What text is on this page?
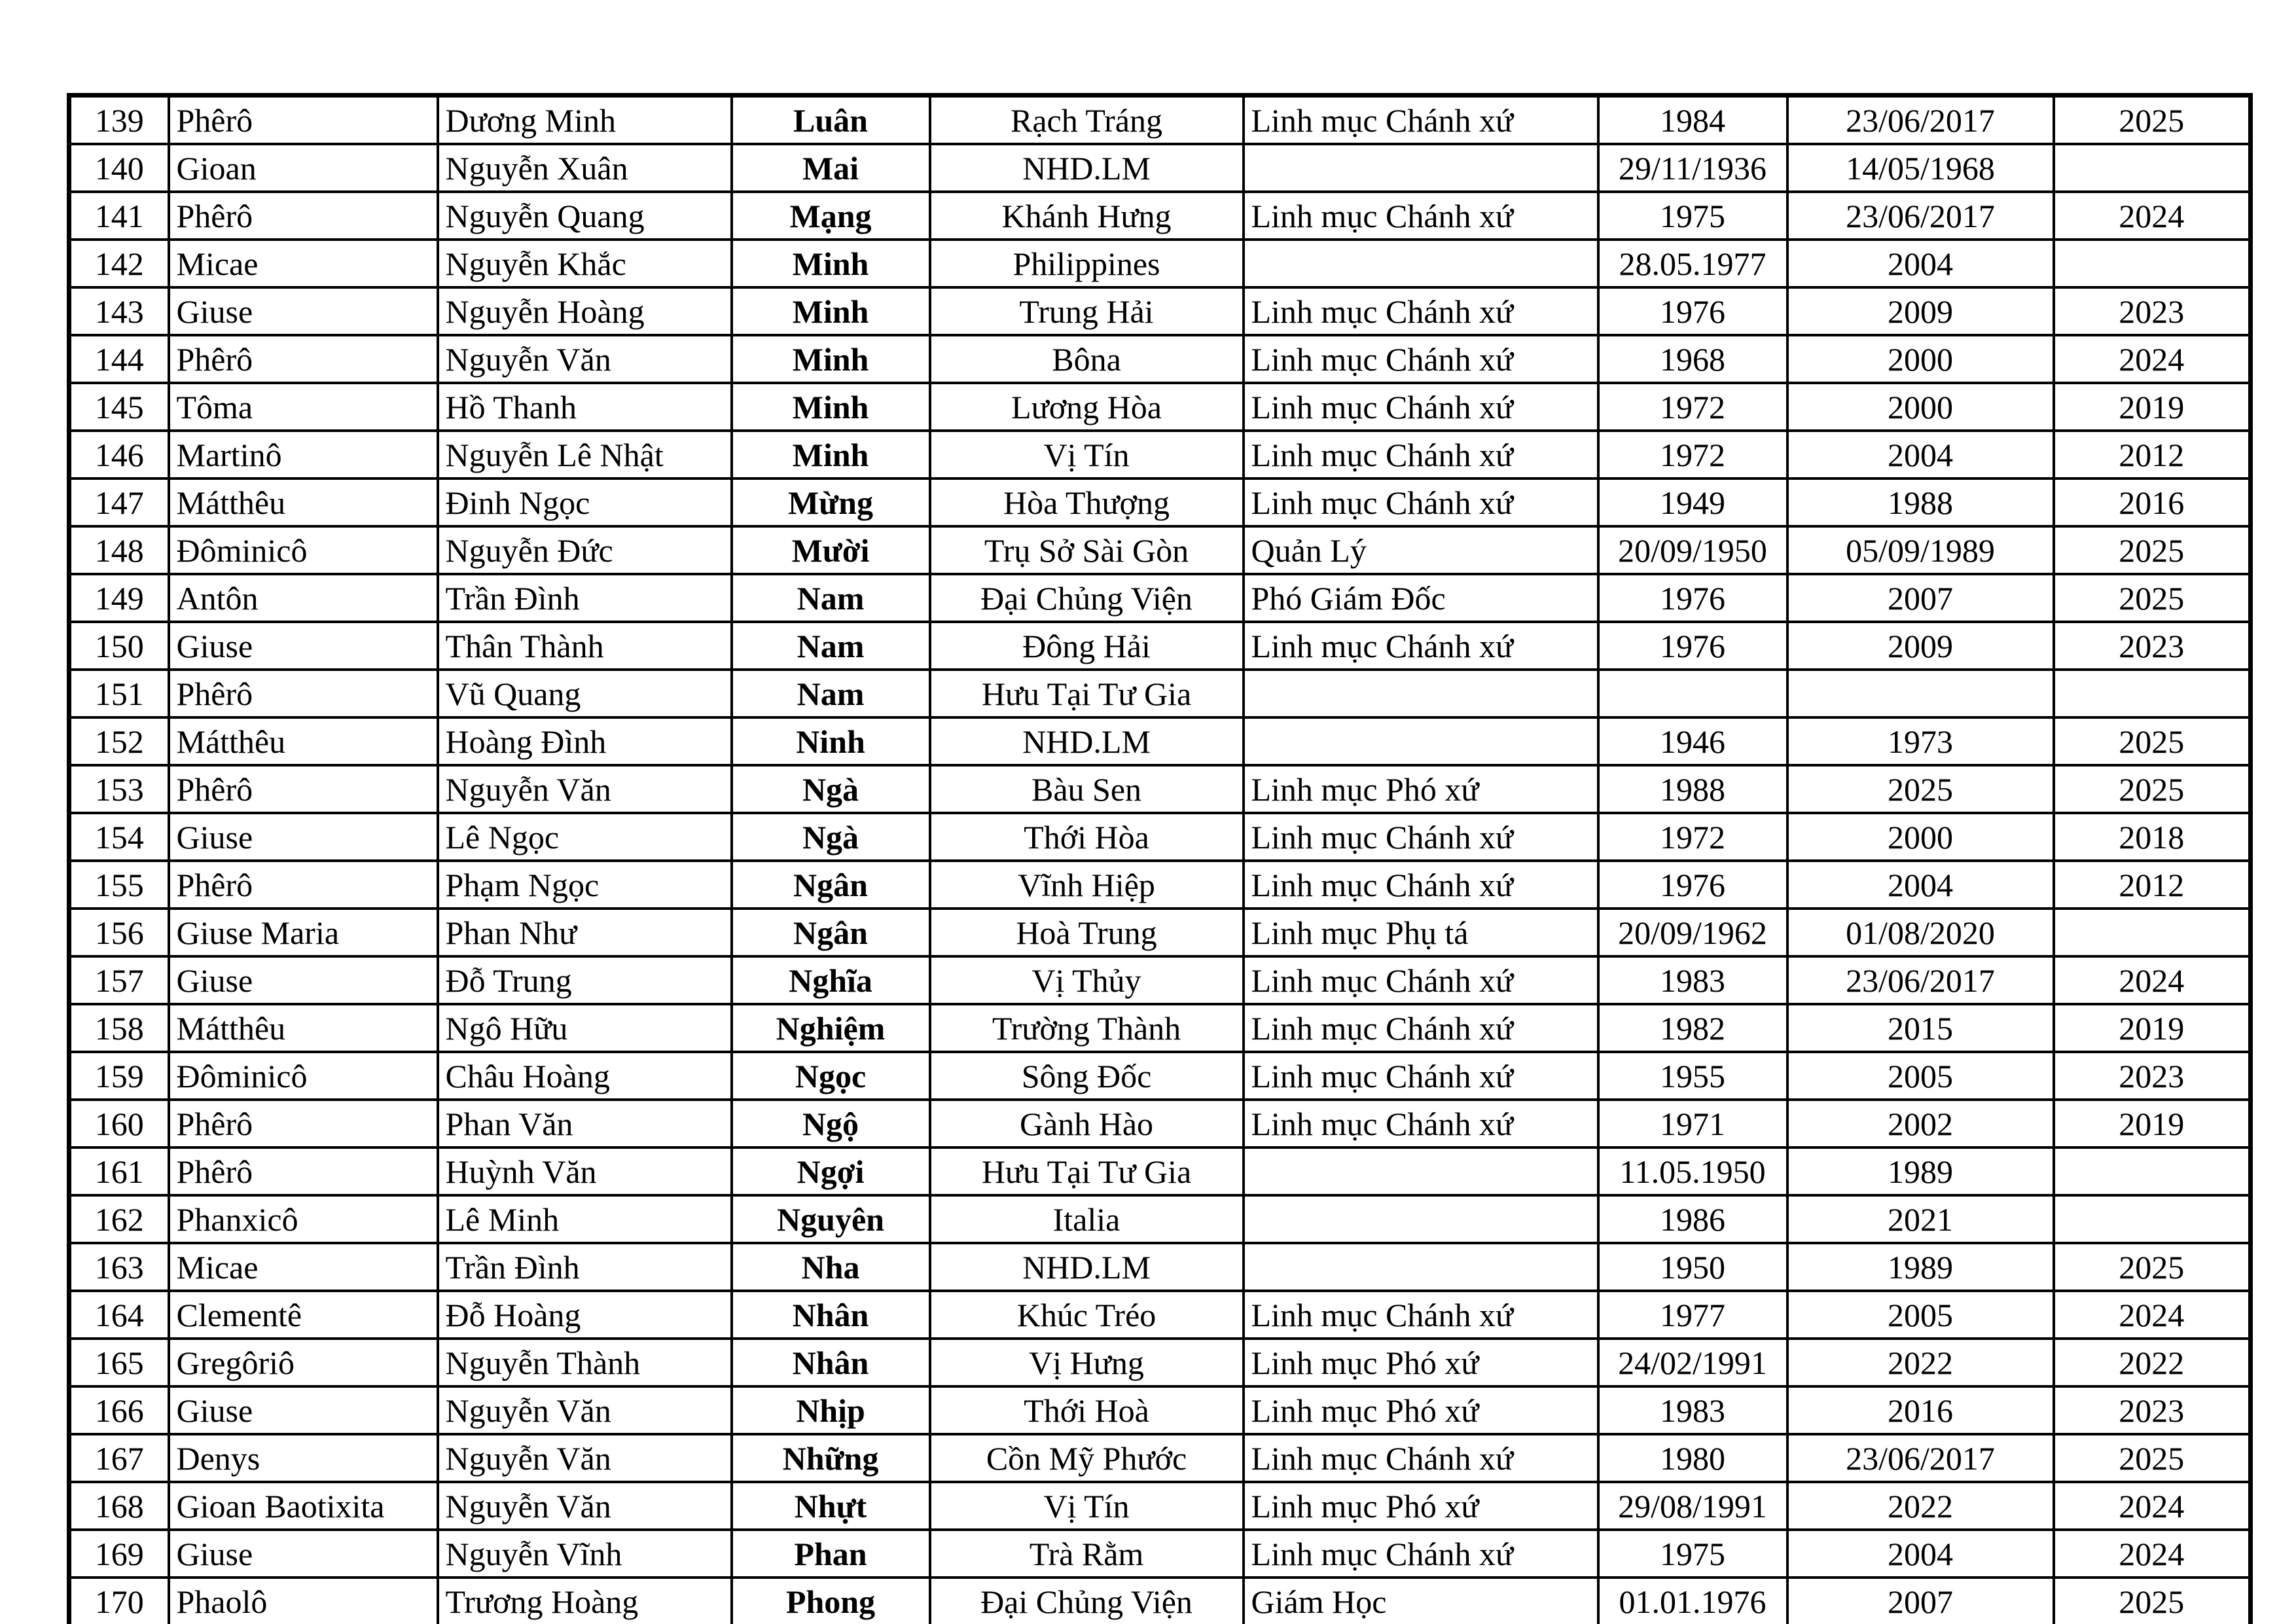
139	Phêrô	Dương Minh	Luân	Rạch Tráng	Linh mục Chánh xứ	1984	23/06/2017	2025
140	Gioan	Nguyễn Xuân	Mai	NHD.LM		29/11/1936	14/05/1968	
141	Phêrô	Nguyễn Quang	Mạng	Khánh Hưng	Linh mục Chánh xứ	1975	23/06/2017	2024
142	Micae	Nguyễn Khắc	Minh	Philippines		28.05.1977	2004	
143	Giuse	Nguyễn Hoàng	Minh	Trung Hải	Linh mục Chánh xứ	1976	2009	2023
144	Phêrô	Nguyễn Văn	Minh	Bôna	Linh mục Chánh xứ	1968	2000	2024
145	Tôma	Hồ Thanh	Minh	Lương Hòa	Linh mục Chánh xứ	1972	2000	2019
146	Martinô	Nguyễn Lê Nhật	Minh	Vị Tín	Linh mục Chánh xứ	1972	2004	2012
147	Mátthêu	Đinh Ngọc	Mừng	Hòa Thượng	Linh mục Chánh xứ	1949	1988	2016
148	Đôminicô	Nguyễn Đức	Mười	Trụ Sở Sài Gòn	Quản Lý	20/09/1950	05/09/1989	2025
149	Antôn	Trần Đình	Nam	Đại Chủng Viện	Phó Giám Đốc	1976	2007	2025
150	Giuse	Thân Thành	Nam	Đông Hải	Linh mục Chánh xứ	1976	2009	2023
151	Phêrô	Vũ Quang	Nam	Hưu Tại Tư Gia				
152	Mátthêu	Hoàng Đình	Ninh	NHD.LM		1946	1973	2025
153	Phêrô	Nguyễn Văn	Ngà	Bàu Sen	Linh mục Phó xứ	1988	2025	2025
154	Giuse	Lê Ngọc	Ngà	Thới Hòa	Linh mục Chánh xứ	1972	2000	2018
155	Phêrô	Phạm Ngọc	Ngân	Vĩnh Hiệp	Linh mục Chánh xứ	1976	2004	2012
156	Giuse Maria	Phan Như	Ngân	Hoà Trung	Linh mục Phụ tá	20/09/1962	01/08/2020	
157	Giuse	Đỗ Trung	Nghĩa	Vị Thủy	Linh mục Chánh xứ	1983	23/06/2017	2024
158	Mátthêu	Ngô Hữu	Nghiệm	Trường Thành	Linh mục Chánh xứ	1982	2015	2019
159	Đôminicô	Châu Hoàng	Ngọc	Sông Đốc	Linh mục Chánh xứ	1955	2005	2023
160	Phêrô	Phan Văn	Ngộ	Gành Hào	Linh mục Chánh xứ	1971	2002	2019
161	Phêrô	Huỳnh Văn	Ngợi	Hưu Tại Tư Gia		11.05.1950	1989	
162	Phanxicô	Lê Minh	Nguyên	Italia		1986	2021	
163	Micae	Trần Đình	Nha	NHD.LM		1950	1989	2025
164	Clementê	Đỗ Hoàng	Nhân	Khúc Tréo	Linh mục Chánh xứ	1977	2005	2024
165	Gregôriô	Nguyễn Thành	Nhân	Vị Hưng	Linh mục Phó xứ	24/02/1991	2022	2022
166	Giuse	Nguyễn Văn	Nhịp	Thới Hoà	Linh mục Phó xứ	1983	2016	2023
167	Denys	Nguyễn Văn	Những	Cồn Mỹ Phước	Linh mục Chánh xứ	1980	23/06/2017	2025
168	Gioan Baotixita	Nguyễn Văn	Nhựt	Vị Tín	Linh mục Phó xứ	29/08/1991	2022	2024
169	Giuse	Nguyễn Vĩnh	Phan	Trà Rằm	Linh mục Chánh xứ	1975	2004	2024
170	Phaolô	Trương Hoàng	Phong	Đại Chủng Viện	Giám Học	01.01.1976	2007	2025
